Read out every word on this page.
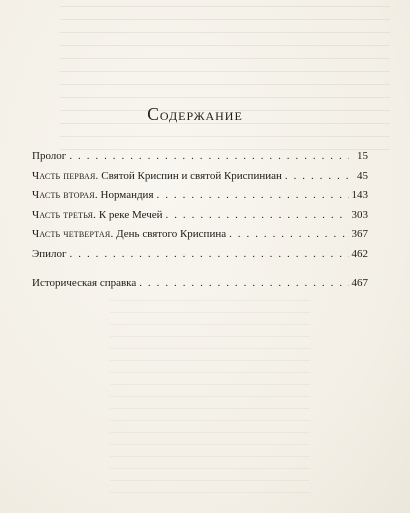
Содержание
Пролог . . .	15
Часть первая. Святой Криспин и святой Криспиниан . . .	45
Часть вторая. Нормандия . . .	143
Часть третья. К реке Мечей . . .	303
Часть четвертая. День святого Криспина . . .	367
Эпилог . . .	462
Историческая справка . . .	467
